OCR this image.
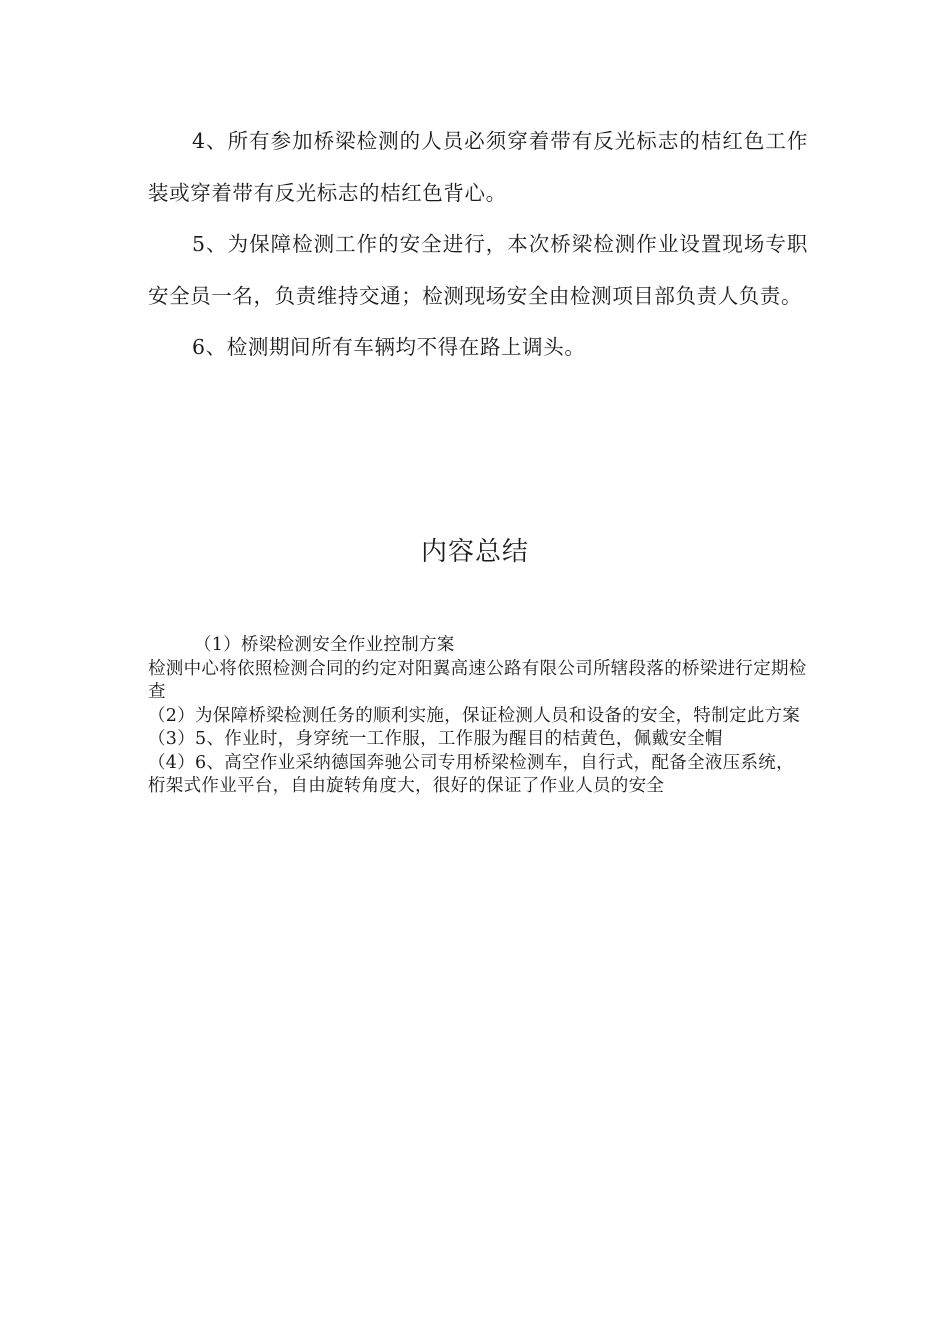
4、所有参加桥梁检测的人员必须穿着带有反光标志的桔红色工作装或穿着带有反光标志的桔红色背心。

5、为保障检测工作的安全进行，本次桥梁检测作业设置现场专职安全员一名，负责维持交通；检测现场安全由检测项目部负责人负责。

6、检测期间所有车辆均不得在路上调头。

内容总结

（1）桥梁检测安全作业控制方案

检测中心将依照检测合同的约定对阳翼高速公路有限公司所辖段落的桥梁进行定期检查

（2）为保障桥梁检测任务的顺利实施，保证检测人员和设备的安全，特制定此方案

（3）5、作业时，身穿统一工作服，工作服为醒目的桔黄色，佩戴安全帽

（4）6、高空作业采纳德国奔驰公司专用桥梁检测车，自行式，配备全液压系统，桁架式作业平台，自由旋转角度大，很好的保证了作业人员的安全
